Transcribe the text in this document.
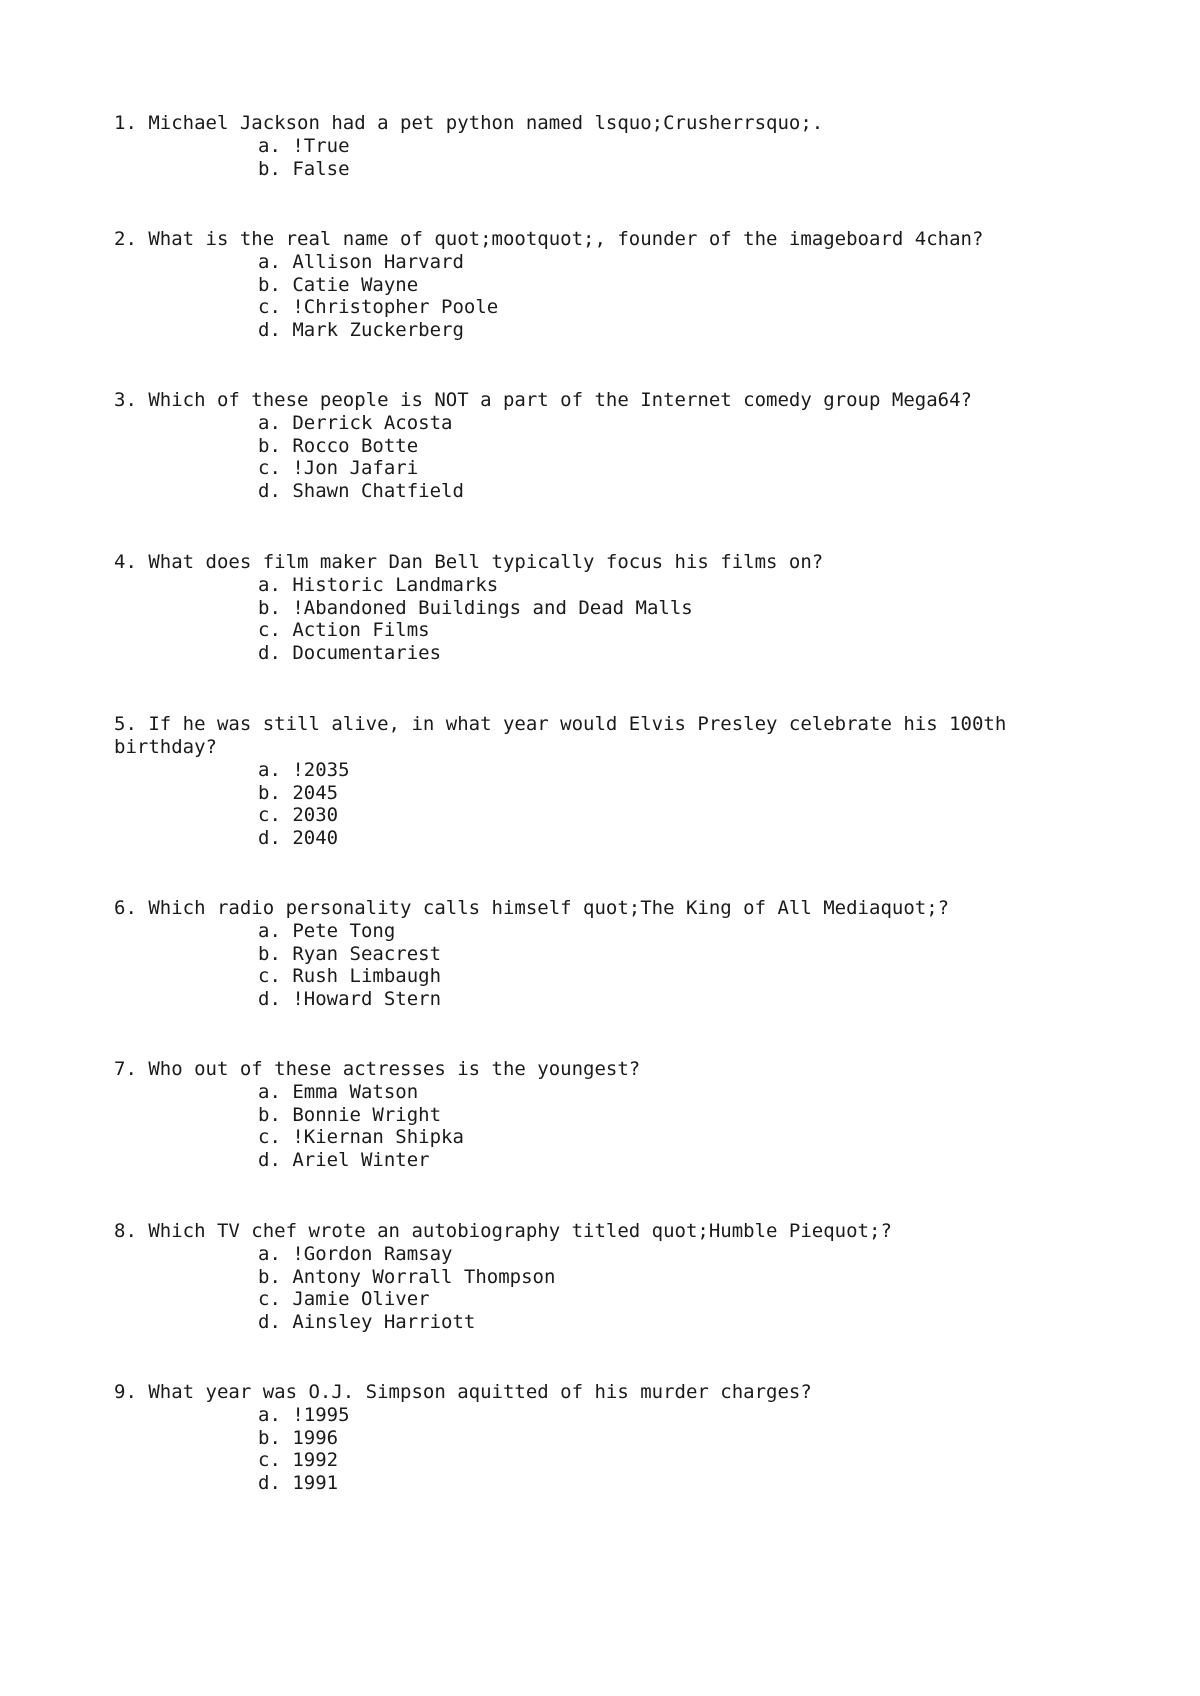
1. Michael Jackson had a pet python named lsquo;Crusherrsquo;.

a. !True
b. False

2. What is the real name of quot;mootquot;, founder of the imageboard 4chan?

a. Allison Harvard
b. Catie Wayne
c. !Christopher Poole
d. Mark Zuckerberg

3. Which of these people is NOT a part of the Internet comedy group Mega64?

a. Derrick Acosta
b. Rocco Botte
c. !Jon Jafari
d. Shawn Chatfield

4. What does film maker Dan Bell typically focus his films on?

a. Historic Landmarks
b. !Abandoned Buildings and Dead Malls
c. Action Films
d. Documentaries

5. If he was still alive, in what year would Elvis Presley celebrate his 100th birthday?

a. !2035
b. 2045
c. 2030
d. 2040

6. Which radio personality calls himself quot;The King of All Mediaquot;?

a. Pete Tong
b. Ryan Seacrest
c. Rush Limbaugh
d. !Howard Stern

7. Who out of these actresses is the youngest?

a. Emma Watson
b. Bonnie Wright
c. !Kiernan Shipka
d. Ariel Winter

8. Which TV chef wrote an autobiography titled quot;Humble Piequot;?

a. !Gordon Ramsay
b. Antony Worrall Thompson
c. Jamie Oliver
d. Ainsley Harriott

9. What year was O.J. Simpson aquitted of his murder charges?

a. !1995
b. 1996
c. 1992
d. 1991
